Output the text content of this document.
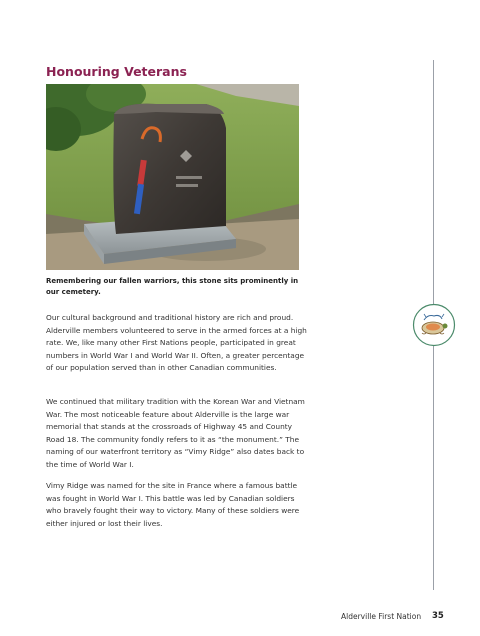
Honouring Veterans

Remembering our fallen warriors, this stone sits prominently in our cemetery.

Our cultural background and traditional history are rich and proud. Alderville members volunteered to serve in the armed forces at a high rate. We, like many other First Nations people, participated in great numbers in World War I and World War II. Often, a greater percentage of our population served than in other Canadian communities.

We continued that military tradition with the Korean War and Vietnam War. The most noticeable feature about Alderville is the large war memorial that stands at the crossroads of Highway 45 and County Road 18. The community fondly refers to it as “the monument.” The naming of our waterfront territory as “Vimy Ridge” also dates back to the time of World War I.

Vimy Ridge was named for the site in France where a famous battle was fought in World War I. This battle was led by Canadian soldiers who bravely fought their way to victory. Many of these soldiers were either injured or lost their lives.

Alderville First Nation 35
